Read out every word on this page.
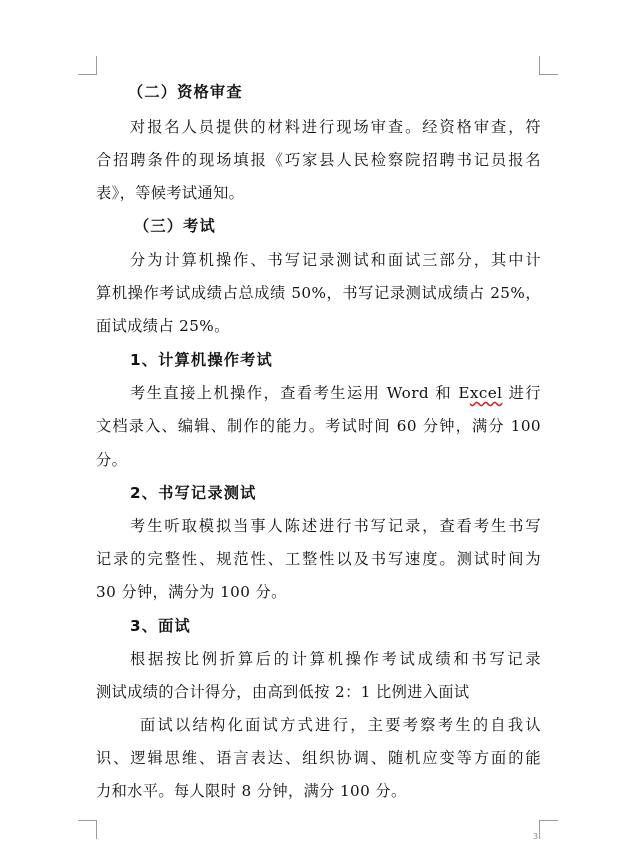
（二）资格审查
对报名人员提供的材料进行现场审查。经资格审查，符
合招聘条件的现场填报《巧家县人民检察院招聘书记员报名
表》，等候考试通知。
（三）考试
分为计算机操作、书写记录测试和面试三部分，其中计
算机操作考试成绩占总成绩 50%，书写记录测试成绩占 25%，
面试成绩占 25%。
1、计算机操作考试
考生直接上机操作，查看考生运用 Word 和 Excel 进行
文档录入、编辑、制作的能力。考试时间 60 分钟，满分 100
分。
2、书写记录测试
考生听取模拟当事人陈述进行书写记录，查看考生书写
记录的完整性、规范性、工整性以及书写速度。测试时间为
30 分钟，满分为 100 分。
3、面试
根据按比例折算后的计算机操作考试成绩和书写记录
测试成绩的合计得分，由高到低按 2：1 比例进入面试
面试以结构化面试方式进行，主要考察考生的自我认
识、逻辑思维、语言表达、组织协调、随机应变等方面的能
力和水平。每人限时 8 分钟，满分 100 分。
3
